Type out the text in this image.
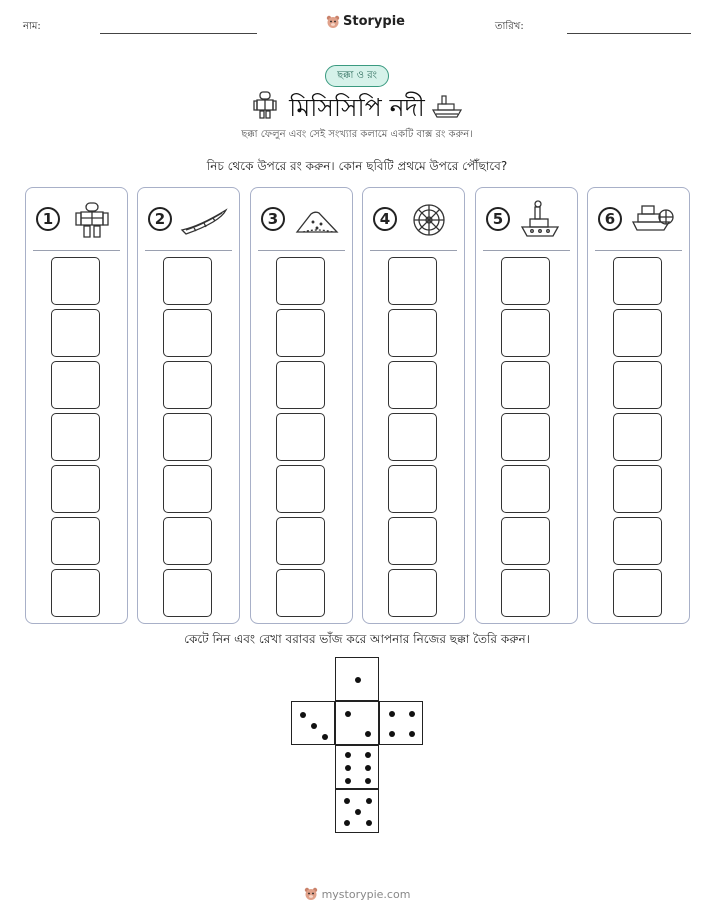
নাম:	Storypie	তারিখ:
ছক্কা ও রং
মিসিসিপি নদী
ছক্কা ফেলুন এবং সেই সংখ্যার কলামে একটি বাক্স রং করুন।
নিচ থেকে উপরে রং করুন। কোন ছবিটি প্রথমে উপরে পৌঁছাবে?
1	2	3	4	5	6
কেটে নিন এবং রেখা বরাবর ভাঁজ করে আপনার নিজের ছক্কা তৈরি করুন।
mystorypie.com
